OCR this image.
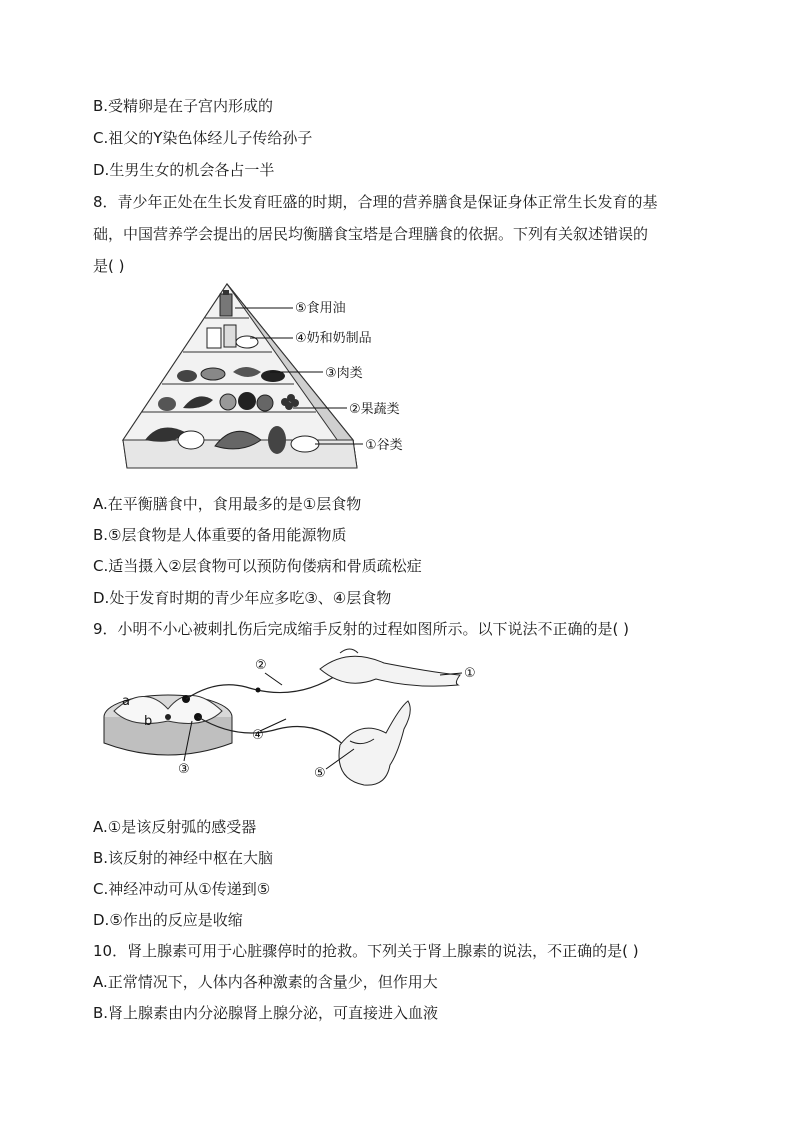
B.受精卵是在子宫内形成的
C.祖父的Y染色体经儿子传给孙子
D.生男生女的机会各占一半
8．青少年正处在生长发育旺盛的时期，合理的营养膳食是保证身体正常生长发育的基
础，中国营养学会提出的居民均衡膳食宝塔是合理膳食的依据。下列有关叙述错误的
是( )
⑤食用油
④奶和奶制品
③肉类
②果蔬类
①谷类
A.在平衡膳食中，食用最多的是①层食物
B.⑤层食物是人体重要的备用能源物质
C.适当摄入②层食物可以预防佝偻病和骨质疏松症
D.处于发育时期的青少年应多吃③、④层食物
9．小明不小心被刺扎伤后完成缩手反射的过程如图所示。以下说法不正确的是( )
a
b
①
②
③
④
⑤
A.①是该反射弧的感受器
B.该反射的神经中枢在大脑
C.神经冲动可从①传递到⑤
D.⑤作出的反应是收缩
10．肾上腺素可用于心脏骤停时的抢救。下列关于肾上腺素的说法，不正确的是( )
A.正常情况下，人体内各种激素的含量少，但作用大
B.肾上腺素由内分泌腺肾上腺分泌，可直接进入血液
